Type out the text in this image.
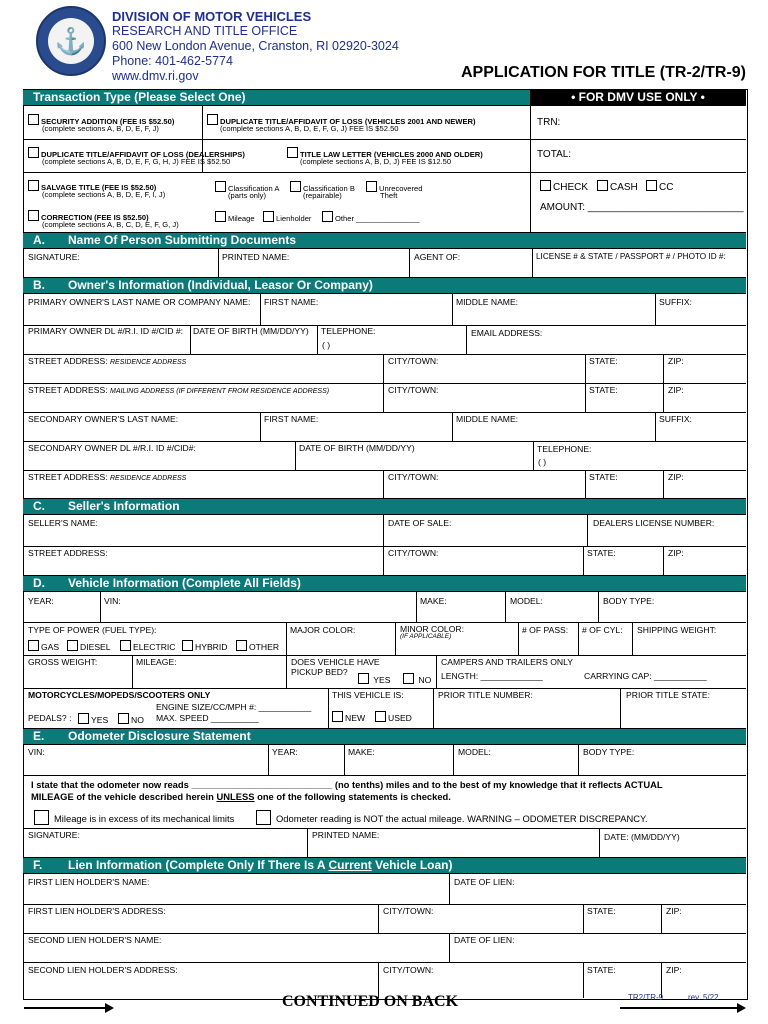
⚓
DIVISION OF MOTOR VEHICLES
RESEARCH AND TITLE OFFICE
600 New London Avenue, Cranston, RI 02920-3024
Phone: 401-462-5774
www.dmv.ri.gov	APPLICATION FOR TITLE (TR-2/TR-9)
Transaction Type (Please Select One)	• FOR DMV USE ONLY •
SECURITY ADDITION (FEE IS $52.50)
(complete sections A, B, D, E, F, J)
DUPLICATE TITLE/AFFIDAVIT OF LOSS (VEHICLES 2001 AND NEWER)
(complete sections A, B, D, E, F, G, J) FEE IS $52.50
DUPLICATE TITLE/AFFIDAVIT OF LOSS (DEALERSHIPS)
(complete sections A, B, D, E, F, G, H, J) FEE IS $52.50
TITLE LAW LETTER (VEHICLES 2000 AND OLDER)
(complete sections A, B, D, J) FEE IS $12.50
SALVAGE TITLE (FEE IS $52.50)
(complete sections A, B, D, E, F, I, J)
Classification A
(parts only)
Classification B
(repairable)
Unrecovered
Theft
CORRECTION (FEE IS $52.50)
(complete sections A, B, C, D, E, F, G, J)
Mileage	Lienholder	Other _______________
TRN:
TOTAL:
CHECK	CASH	CC
AMOUNT: ____________________________
A. Name Of Person Submitting Documents
SIGNATURE:	PRINTED NAME:	AGENT OF:	LICENSE # & STATE / PASSPORT # / PHOTO ID #:
B. Owner's Information (Individual, Leasor Or Company)
PRIMARY OWNER'S LAST NAME OR COMPANY NAME: FIRST NAME:	MIDDLE NAME:	SUFFIX:
PRIMARY OWNER DL #/R.I. ID #/CID #: DATE OF BIRTH (MM/DD/YY) TELEPHONE:
( )
EMAIL ADDRESS:
STREET ADDRESS: RESIDENCE ADDRESS	CITY/TOWN:	STATE:	ZIP:
STREET ADDRESS: MAILING ADDRESS (IF DIFFERENT FROM RESIDENCE ADDRESS)	CITY/TOWN:	STATE:	ZIP:
SECONDARY OWNER'S LAST NAME:	FIRST NAME:	MIDDLE NAME:	SUFFIX:
SECONDARY OWNER DL #/R.I. ID #/CID#:	DATE OF BIRTH (MM/DD/YY)	TELEPHONE:
( )
STREET ADDRESS: RESIDENCE ADDRESS	CITY/TOWN:	STATE:	ZIP:
C. Seller's Information
SELLER'S NAME:	DATE OF SALE:	DEALERS LICENSE NUMBER:
STREET ADDRESS:	CITY/TOWN:	STATE:	ZIP:
D. Vehicle Information (Complete All Fields)
YEAR:	VIN:	MAKE:	MODEL:	BODY TYPE:
TYPE OF POWER (FUEL TYPE):
GAS	DIESEL	ELECTRIC	HYBRID	OTHER
MAJOR COLOR:	MINOR COLOR:
(IF APPLICABLE)
# OF PASS: # OF CYL: SHIPPING WEIGHT:
GROSS WEIGHT:	MILEAGE:	DOES VEHICLE HAVE
PICKUP BED?
YES	NO
CAMPERS AND TRAILERS ONLY
LENGTH: _____________	CARRYING CAP: ___________
MOTORCYCLES/MOPEDS/SCOOTERS ONLY
ENGINE SIZE/CC/MPH #: ___________
PEDALS? :	YES	NO MAX. SPEED __________
THIS VEHICLE IS:
NEW	USED
PRIOR TITLE NUMBER:	PRIOR TITLE STATE:
E. Odometer Disclosure Statement
VIN:	YEAR:	MAKE:	MODEL:	BODY TYPE:
I state that the odometer now reads ___________________________ (no tenths) miles and to the best of my knowledge that it reflects ACTUAL
MILEAGE of the vehicle described herein UNLESS one of the following statements is checked.
Mileage is in excess of its mechanical limits	Odometer reading is NOT the actual mileage. WARNING – ODOMETER DISCREPANCY.
SIGNATURE:	PRINTED NAME:	DATE: (MM/DD/YY)
F. Lien Information (Complete Only If There Is A Current Vehicle Loan)
FIRST LIEN HOLDER'S NAME:	DATE OF LIEN:
FIRST LIEN HOLDER'S ADDRESS:	CITY/TOWN:	STATE:	ZIP:
SECOND LIEN HOLDER'S NAME:	DATE OF LIEN:
SECOND LIEN HOLDER'S ADDRESS:	CITY/TOWN:	STATE:	ZIP:
CONTINUED ON BACK	TR2/TR-9	rev. 5/22
